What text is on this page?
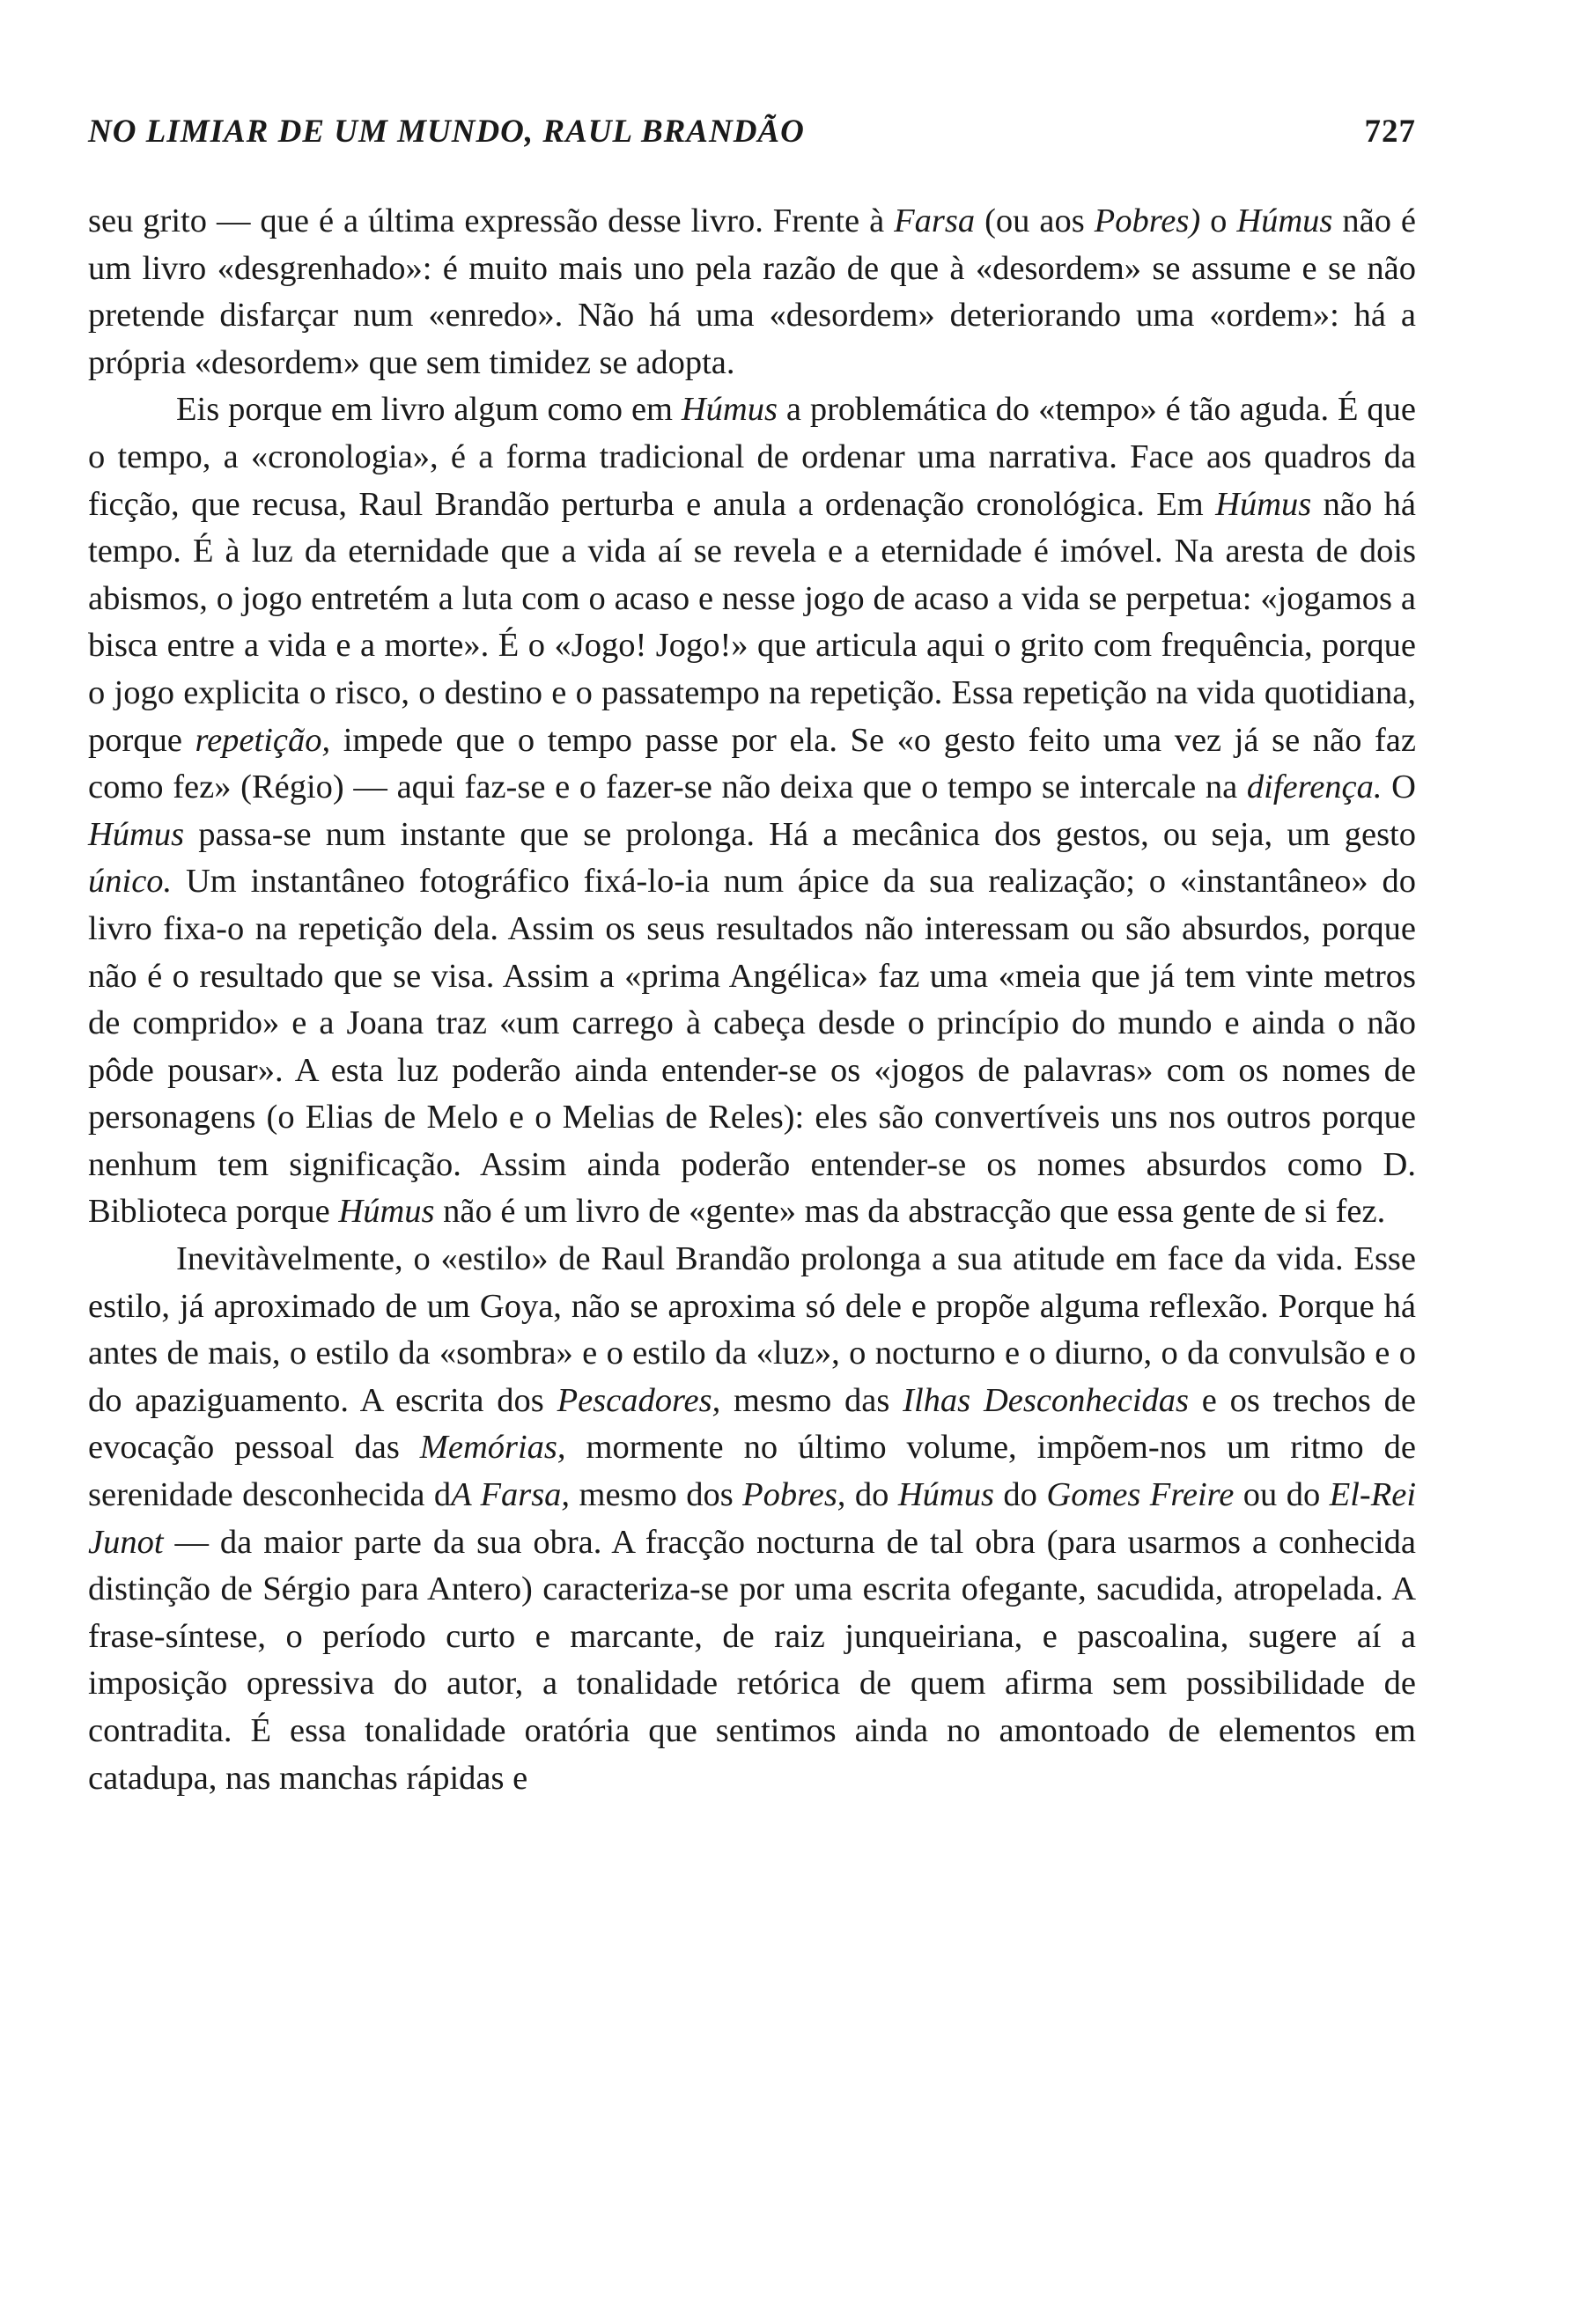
NO LIMIAR DE UM MUNDO, RAUL BRANDÃO	727

seu grito — que é a última expressão desse livro. Frente à Farsa (ou aos Pobres) o Húmus não é um livro «desgrenhado»: é muito mais uno pela razão de que à «desordem» se assume e se não pretende disfarçar num «enredo». Não há uma «desordem» deteriorando uma «ordem»: há a própria «desordem» que sem timidez se adopta.

Eis porque em livro algum como em Húmus a problemática do «tempo» é tão aguda. É que o tempo, a «cronologia», é a forma tradicional de ordenar uma narrativa. Face aos quadros da ficção, que recusa, Raul Brandão perturba e anula a ordenação cronológica. Em Húmus não há tempo. É à luz da eternidade que a vida aí se revela e a eternidade é imóvel. Na aresta de dois abismos, o jogo entretém a luta com o acaso e nesse jogo de acaso a vida se perpetua: «jogamos a bisca entre a vida e a morte». É o «Jogo! Jogo!» que articula aqui o grito com frequência, porque o jogo explicita o risco, o destino e o passatempo na repetição. Essa repetição na vida quotidiana, porque repetição, impede que o tempo passe por ela. Se «o gesto feito uma vez já se não faz como fez» (Régio) — aqui faz-se e o fazer-se não deixa que o tempo se intercale na diferença. O Húmus passa-se num instante que se prolonga. Há a mecânica dos gestos, ou seja, um gesto único. Um instantâneo fotográfico fixá-lo-ia num ápice da sua realização; o «instantâneo» do livro fixa-o na repetição dela. Assim os seus resultados não interessam ou são absurdos, porque não é o resultado que se visa. Assim a «prima Angélica» faz uma «meia que já tem vinte metros de comprido» e a Joana traz «um carrego à cabeça desde o princípio do mundo e ainda o não pôde pousar». A esta luz poderão ainda entender-se os «jogos de palavras» com os nomes de personagens (o Elias de Melo e o Melias de Reles): eles são convertíveis uns nos outros porque nenhum tem significação. Assim ainda poderão entender-se os nomes absurdos como D. Biblioteca porque Húmus não é um livro de «gente» mas da abstracção que essa gente de si fez.

Inevitàvelmente, o «estilo» de Raul Brandão prolonga a sua atitude em face da vida. Esse estilo, já aproximado de um Goya, não se aproxima só dele e propõe alguma reflexão. Porque há antes de mais, o estilo da «sombra» e o estilo da «luz», o nocturno e o diurno, o da convulsão e o do apaziguamento. A escrita dos Pescadores, mesmo das Ilhas Desconhecidas e os trechos de evocação pessoal das Memórias, mormente no último volume, impõem-nos um ritmo de serenidade desconhecida dA Farsa, mesmo dos Pobres, do Húmus do Gomes Freire ou do El-Rei Junot — da maior parte da sua obra. A fracção nocturna de tal obra (para usarmos a conhecida distinção de Sérgio para Antero) caracteriza-se por uma escrita ofegante, sacudida, atropelada. A frase-síntese, o período curto e marcante, de raiz junqueiriana, e pascoalina, sugere aí a imposição opressiva do autor, a tonalidade retórica de quem afirma sem possibilidade de contradita. É essa tonalidade oratória que sentimos ainda no amontoado de elementos em catadupa, nas manchas rápidas e
